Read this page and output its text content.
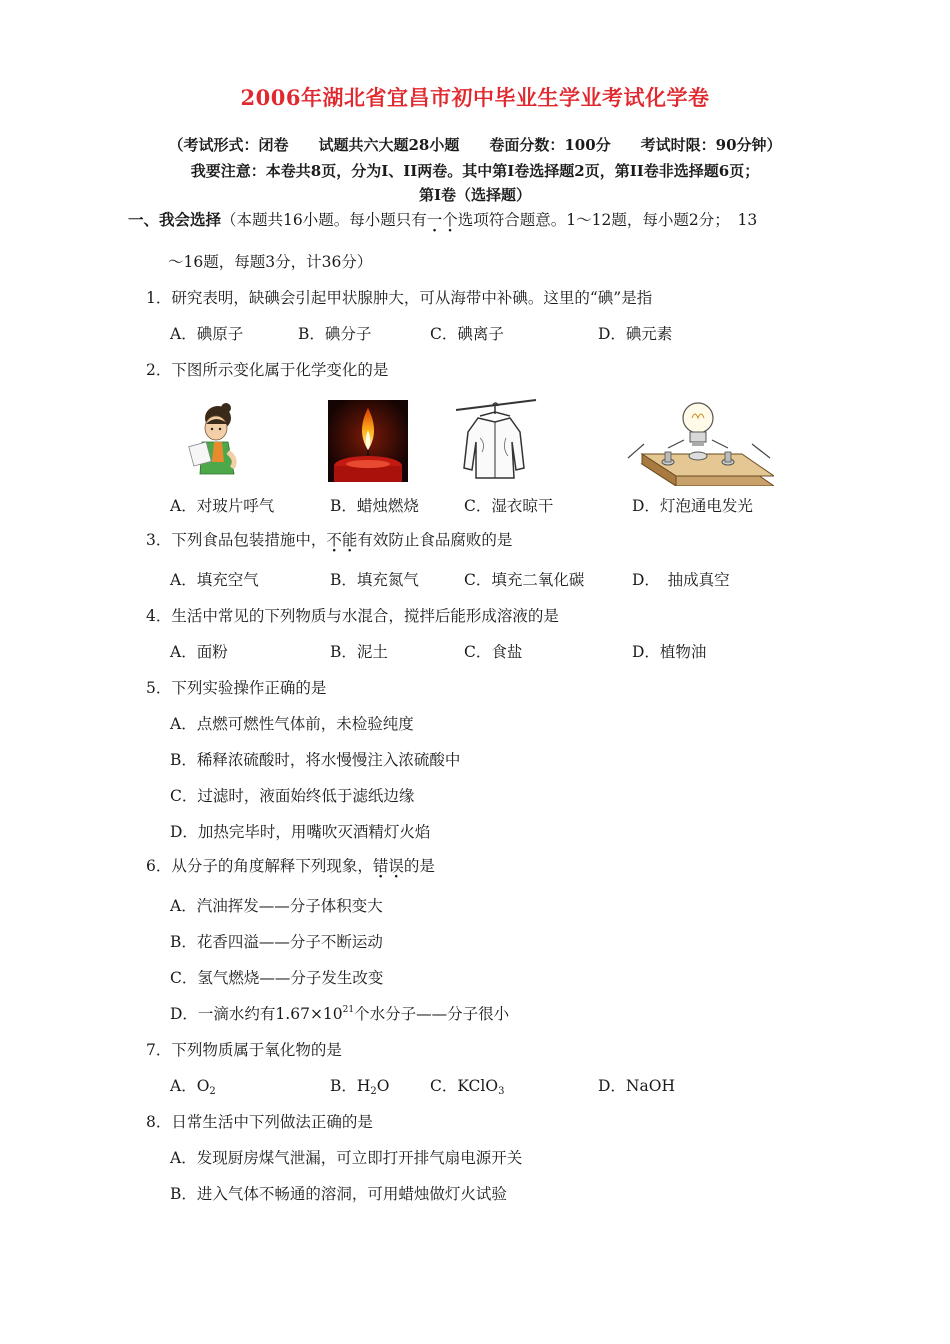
2006年湖北省宜昌市初中毕业生学业考试化学卷
（考试形式：闭卷　　试题共六大题28小题　　卷面分数：100分　　考试时限：90分钟）
我要注意：本卷共8页，分为Ⅰ、II两卷。其中第Ⅰ卷选择题2页，第II卷非选择题6页；
第Ⅰ卷（选择题）
一、我会选择（本题共16小题。每小题只有一个选项符合题意。1～12题，每小题2分；　13
～16题，每题3分，计36分）
1．研究表明，缺碘会引起甲状腺肿大，可从海带中补碘。这里的“碘”是指
A．碘原子	B．碘分子	C．碘离子	D．碘元素
2．下图所示变化属于化学变化的是
A．对玻片呼气	B．蜡烛燃烧	C．湿衣晾干	D．灯泡通电发光
3．下列食品包装措施中，不能有效防止食品腐败的是
A．填充空气	B．填充氮气	C．填充二氧化碳	D．　抽成真空
4．生活中常见的下列物质与水混合，搅拌后能形成溶液的是
A．面粉	B．泥土	C．食盐	D．植物油
5．下列实验操作正确的是
A．点燃可燃性气体前，未检验纯度
B．稀释浓硫酸时，将水慢慢注入浓硫酸中
C．过滤时，液面始终低于滤纸边缘
D．加热完毕时，用嘴吹灭酒精灯火焰
6．从分子的角度解释下列现象，错误的是
A．汽油挥发——分子体积变大
B．花香四溢——分子不断运动
C．氢气燃烧——分子发生改变
D．一滴水约有$1.67\times 10^{21}$个水分子——分子很小
7．下列物质属于氧化物的是
A．$O_2$	B．$H_2O$	C．KClO$_3$	D．NaOH
8．日常生活中下列做法正确的是
A．发现厨房煤气泄漏，可立即打开排气扇电源开关
B．进入气体不畅通的溶洞，可用蜡烛做灯火试验
